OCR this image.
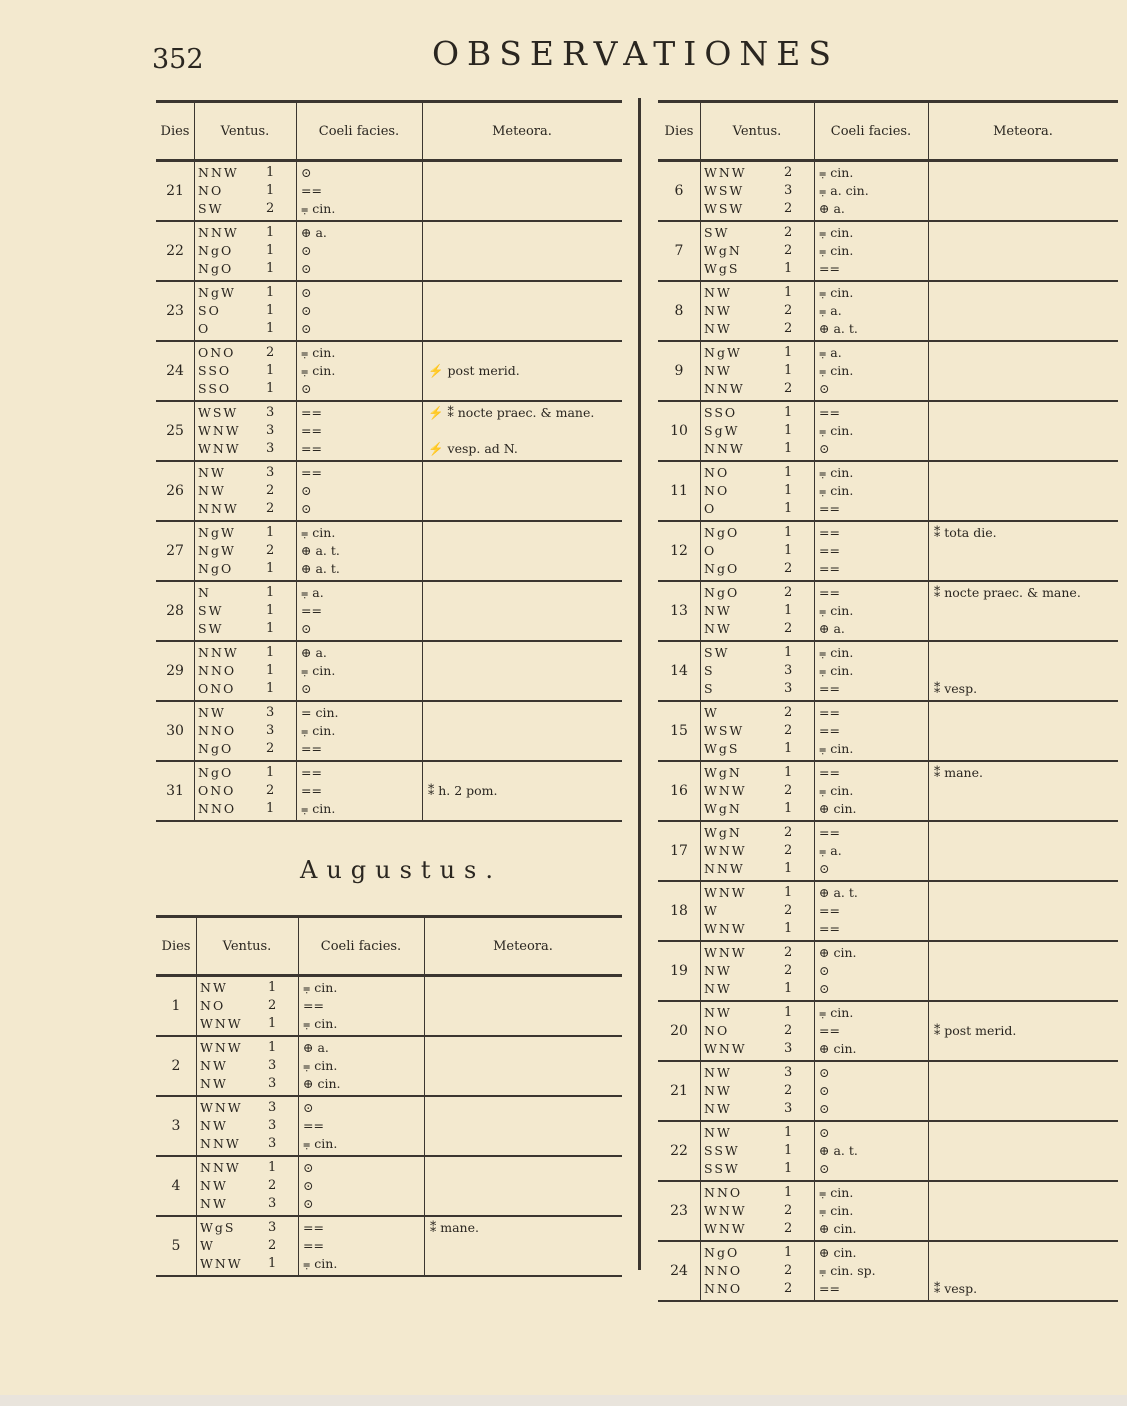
352	OBSERVATIONES
Augustus.
Dies	Ventus.	Coeli facies.	Meteora.
21
NNW 1 ⊙
NO	1 ==
SW	2 ⩦ cin.
22
NNW 1 ⊕ a.
NgO	1 ⊙
NgO	1 ⊙
23
NgW 1 ⊙
SO	1 ⊙
O	1 ⊙
24
ONO 2 ⩦ cin.
SSO	1 ⩦ cin.	⚡ post merid.
SSO	1 ⊙
25
WSW 3 ==	⚡ ⁑ nocte praec. & mane.
WNW 3 ==
WNW 3 ==	⚡ vesp. ad N.
26
NW	3 ==
NW	2 ⊙
NNW 2 ⊙
27
NgW 1 ⩦ cin.
NgW 2 ⊕ a. t.
NgO	1 ⊕ a. t.
28
N	1 ⩦ a.
SW	1 ==
SW	1 ⊙
29
NNW 1 ⊕ a.
NNO 1 ⩦ cin.
ONO 1 ⊙
30
NW	3 = cin.
NNO 3 ⩦ cin.
NgO	2 ==
31
NgO	1 ==
ONO 2 ==	⁑ h. 2 pom.
NNO 1 ⩦ cin.
Dies	Ventus.	Coeli facies.	Meteora.
1
NW	1 ⩦ cin.
NO	2 ==
WNW 1 ⩦ cin.
2
WNW 1 ⊕ a.
NW	3 ⩦ cin.
NW	3 ⊕ cin.
3
WNW 3 ⊙
NW	3 ==
NNW 3 ⩦ cin.
4
NNW 1 ⊙
NW	2 ⊙
NW	3 ⊙
5
WgS	3 ==	⁑ mane.
W	2 ==
WNW 1 ⩦ cin.
Dies	Ventus.	Coeli facies.	Meteora.
6
WNW	2 ⩦ cin.
WSW	3 ⩦ a. cin.
WSW	2 ⊕ a.
7
SW	2 ⩦ cin.
WgN	2 ⩦ cin.
WgS	1 ==
8
NW	1 ⩦ cin.
NW	2 ⩦ a.
NW	2 ⊕ a. t.
9
NgW	1 ⩦ a.
NW	1 ⩦ cin.
NNW	2 ⊙
10
SSO	1 ==
SgW	1 ⩦ cin.
NNW	1 ⊙
11
NO	1 ⩦ cin.
NO	1 ⩦ cin.
O	1 ==
12
NgO	1 ==	⁑ tota die.
O	1 ==
NgO	2 ==
13
NgO	2 ==	⁑ nocte praec. & mane.
NW	1 ⩦ cin.
NW	2 ⊕ a.
14
SW	1 ⩦ cin.
S	3 ⩦ cin.
S	3 ==	⁑ vesp.
15
W	2 ==
WSW	2 ==
WgS	1 ⩦ cin.
16
WgN	1 ==	⁑ mane.
WNW	2 ⩦ cin.
WgN	1 ⊕ cin.
17
WgN	2 ==
WNW	2 ⩦ a.
NNW	1 ⊙
18
WNW	1 ⊕ a. t.
W	2 ==
WNW	1 ==
19
WNW	2 ⊕ cin.
NW	2 ⊙
NW	1 ⊙
20
NW	1 ⩦ cin.
NO	2 ==	⁑ post merid.
WNW	3 ⊕ cin.
21
NW	3 ⊙
NW	2 ⊙
NW	3 ⊙
22
NW	1 ⊙
SSW	1 ⊕ a. t.
SSW	1 ⊙
23
NNO	1 ⩦ cin.
WNW	2 ⩦ cin.
WNW	2 ⊕ cin.
24
NgO	1 ⊕ cin.
NNO	2 ⩦ cin. sp.
NNO	2 ==	⁑ vesp.
